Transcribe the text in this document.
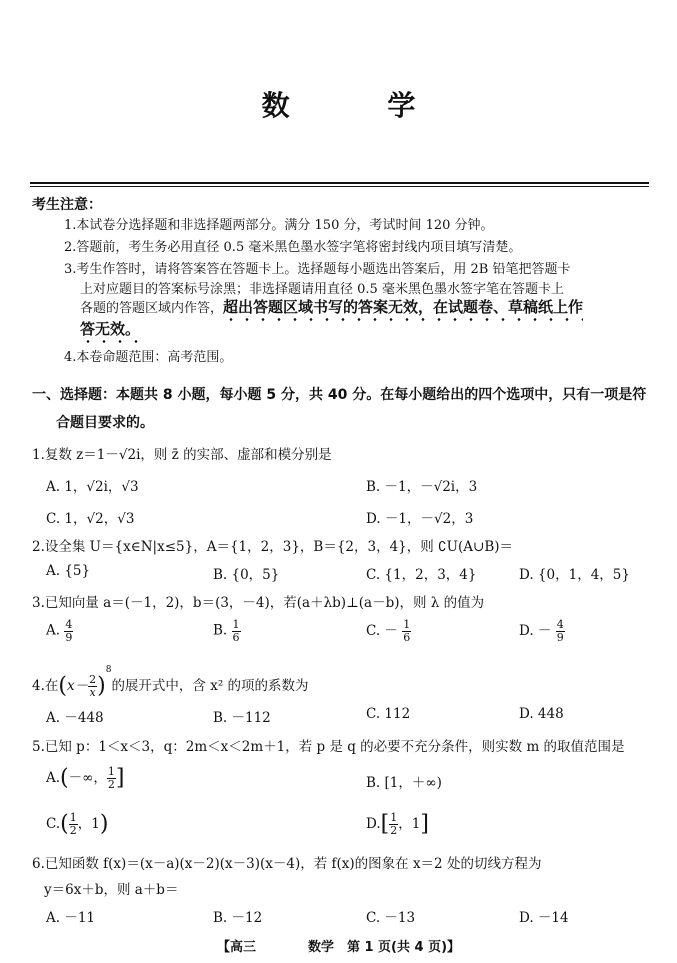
数 学
考生注意：
1.本试卷分选择题和非选择题两部分。满分 150 分，考试时间 120 分钟。
2.答题前，考生务必用直径 0.5 毫米黑色墨水签字笔将密封线内项目填写清楚。
3.考生作答时，请将答案答在答题卡上。选择题每小题选出答案后，用 2B 铅笔把答题卡
上对应题目的答案标号涂黑；非选择题请用直径 0.5 毫米黑色墨水签字笔在答题卡上
各题的答题区域内作答，超出答题区域书写的答案无效，在试题卷、草稿纸上作
答无效。
4.本卷命题范围：高考范围。
一、选择题：本题共 8 小题，每小题 5 分，共 40 分。在每小题给出的四个选项中，只有一项是符
合题目要求的。
1.复数 z＝1－√2i，则 z̄ 的实部、虚部和模分别是
A. 1，√2i，√3	B. －1，－√2i，3
C. 1，√2，√3	D. －1，－√2，3
2.设全集 U＝{x∈N|x≤5}，A＝{1，2，3}，B＝{2，3，4}，则 ∁U(A∪B)＝
A. {5}	B. {0，5}	C. {1，2，3，4}	D. {0，1，4，5}
3.已知向量 a＝(－1，2)，b＝(3，－4)，若(a＋λb)⊥(a－b)，则 λ 的值为
A. $\frac{4}{9}$	B. $\frac{1}{6}$	C. － $\frac{1}{6}$	D. － $\frac{4}{9}$
4.在$(x- \frac{2}{x} )^8$的展开式中，含 x² 的项的系数为
A. －448	B. －112	C. 112	D. 448
5.已知 p：1＜x＜3，q：2m＜x＜2m＋1，若 p 是 q 的必要不充分条件，则实数 m 的取值范围是
A.(－∞， $\frac{1}{2}$ ]	B. [1，＋∞)
$C.( \frac{1}{2}$ ，1)	$D.[ \frac{1}{2}$ ，1]
6.已知函数 f(x)＝(x－a)(x－2)(x－3)(x－4)，若 f(x)的图象在 x＝2 处的切线方程为
y＝6x＋b，则 a＋b＝
A. －11	B. －12	C. －13	D. －14
【高三　　　　数学　第 1 页(共 4 页)】
